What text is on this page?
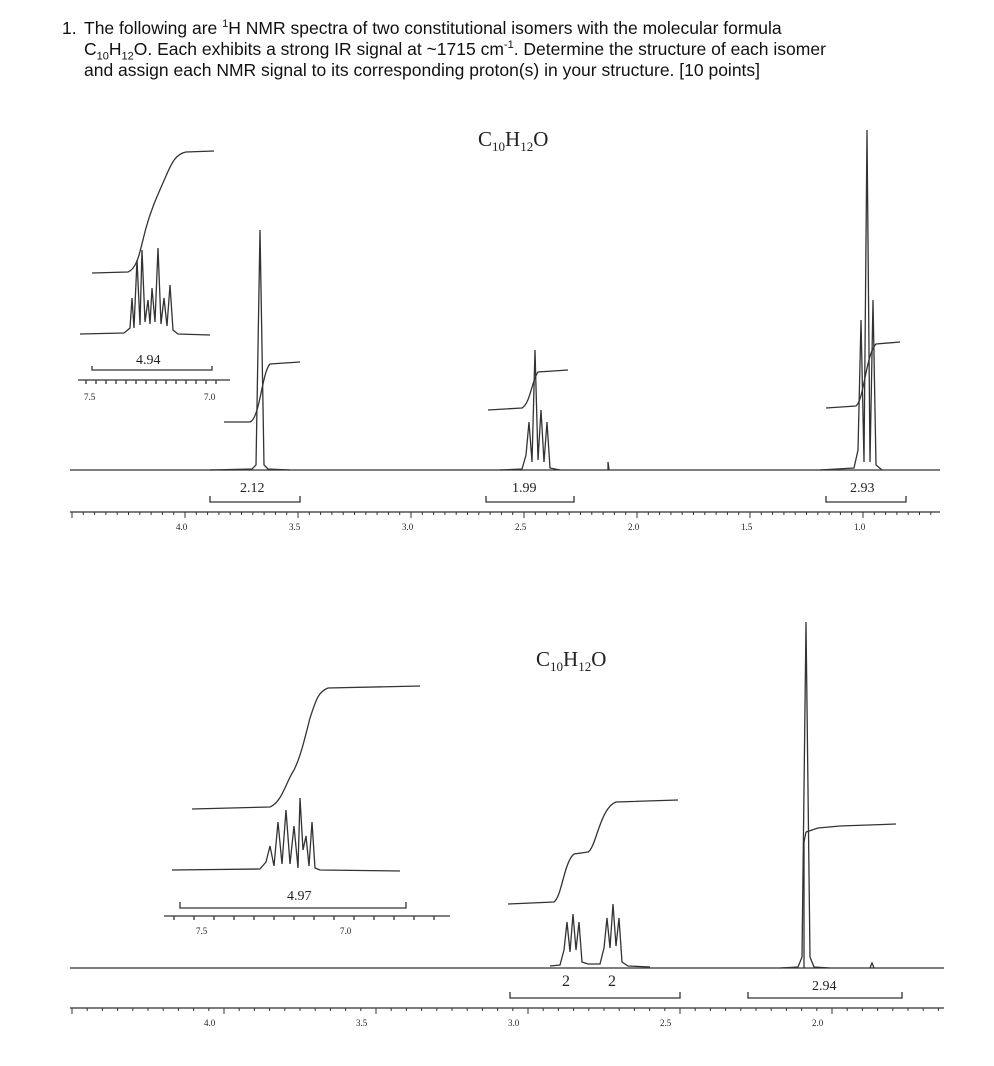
1. The following are $^1$H NMR spectra of two constitutional isomers with the molecular formula
$C_{10}H_{12}O$. Each exhibits a strong IR signal at ~1715 $cm^{-1}$. Determine the structure of each isomer
and assign each NMR signal to its corresponding proton(s) in your structure. [10 points]

$C_{10}H_{12}O$
4.94
7.5	7.0
2.12	1.99	2.93
4.0	3.5	3.0	2.5	2.0	1.5	1.0
$C_{10}H_{12}O$
4.97
7.5	7.0
2 2	2.94
4.0	3.5	3.0	2.5	2.0
